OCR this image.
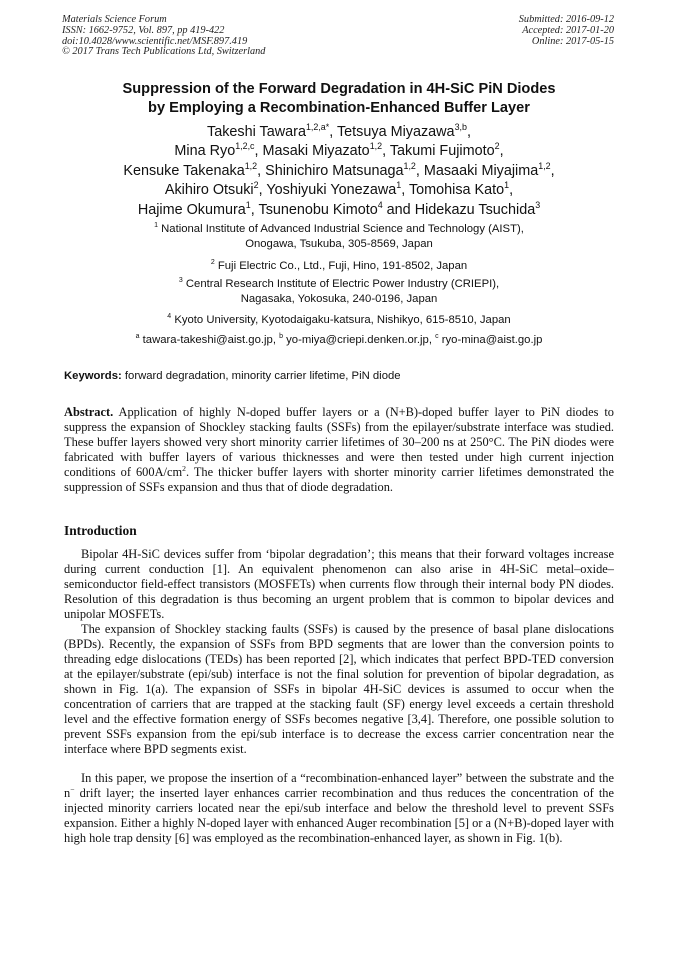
Materials Science Forum
ISSN: 1662-9752, Vol. 897, pp 419-422
doi:10.4028/www.scientific.net/MSF.897.419
© 2017 Trans Tech Publications Ltd, Switzerland
Submitted: 2016-09-12
Accepted: 2017-01-20
Online: 2017-05-15
Suppression of the Forward Degradation in 4H-SiC PiN Diodes
by Employing a Recombination-Enhanced Buffer Layer
Takeshi Tawara$^{1,2,a*}$, Tetsuya Miyazawa$^{3,b}$,
Mina Ryo$^{1,2,c}$, Masaki Miyazato$^{1,2}$, Takumi Fujimoto$^2$,
Kensuke Takenaka$^{1,2}$, Shinichiro Matsunaga$^{1,2}$, Masaaki Miyajima$^{1,2}$,
Akihiro Otsuki$^2$, Yoshiyuki Yonezawa$^1$, Tomohisa Kato$^1$,
Hajime Okumura$^1$, Tsunenobu Kimoto$^4$ and Hidekazu Tsuchida$^3$
$^1$ National Institute of Advanced Industrial Science and Technology (AIST),
Onogawa, Tsukuba, 305-8569, Japan
$^2$ Fuji Electric Co., Ltd., Fuji, Hino, 191-8502, Japan
$^3$ Central Research Institute of Electric Power Industry (CRIEPI),
Nagasaka, Yokosuka, 240-0196, Japan
$^4$ Kyoto University, Kyotodaigaku-katsura, Nishikyo, 615-8510, Japan
$^a$ tawara-takeshi@aist.go.jp, $^b$ yo-miya@criepi.denken.or.jp, $^c$ ryo-mina@aist.go.jp
Keywords: forward degradation, minority carrier lifetime, PiN diode
Abstract. Application of highly N-doped buffer layers or a (N+B)-doped buffer layer to PiN diodes to suppress the expansion of Shockley stacking faults (SSFs) from the epilayer/substrate interface was studied. These buffer layers showed very short minority carrier lifetimes of 30–200 ns at 250°C. The PiN diodes were fabricated with buffer layers of various thicknesses and were then tested under high current injection conditions of $600A/cm^2$. The thicker buffer layers with shorter minority carrier lifetimes demonstrated the suppression of SSFs expansion and thus that of diode degradation.
Introduction
Bipolar 4H-SiC devices suffer from ‘bipolar degradation’; this means that their forward voltages increase during current conduction [1]. An equivalent phenomenon can also arise in 4H-SiC metal–oxide–semiconductor field-effect transistors (MOSFETs) when currents flow through their internal body PN diodes. Resolution of this degradation is thus becoming an urgent problem that is common to bipolar devices and unipolar MOSFETs.
The expansion of Shockley stacking faults (SSFs) is caused by the presence of basal plane dislocations (BPDs). Recently, the expansion of SSFs from BPD segments that are lower than the conversion points to threading edge dislocations (TEDs) has been reported [2], which indicates that perfect BPD-TED conversion at the epilayer/substrate (epi/sub) interface is not the final solution for prevention of bipolar degradation, as shown in Fig. 1(a). The expansion of SSFs in bipolar 4H-SiC devices is assumed to occur when the concentration of carriers that are trapped at the stacking fault (SF) energy level exceeds a certain threshold level and the effective formation energy of SSFs becomes negative [3,4]. Therefore, one possible solution to prevent SSFs expansion from the epi/sub interface is to decrease the excess carrier concentration near the interface where BPD segments exist.
In this paper, we propose the insertion of a “recombination-enhanced layer” between the substrate and the n− drift layer; the inserted layer enhances carrier recombination and thus reduces the concentration of the injected minority carriers located near the epi/sub interface and below the threshold level to prevent SSFs expansion. Either a highly N-doped layer with enhanced Auger recombination [5] or a (N+B)-doped layer with high hole trap density [6] was employed as the recombination-enhanced layer, as shown in Fig. 1(b).
